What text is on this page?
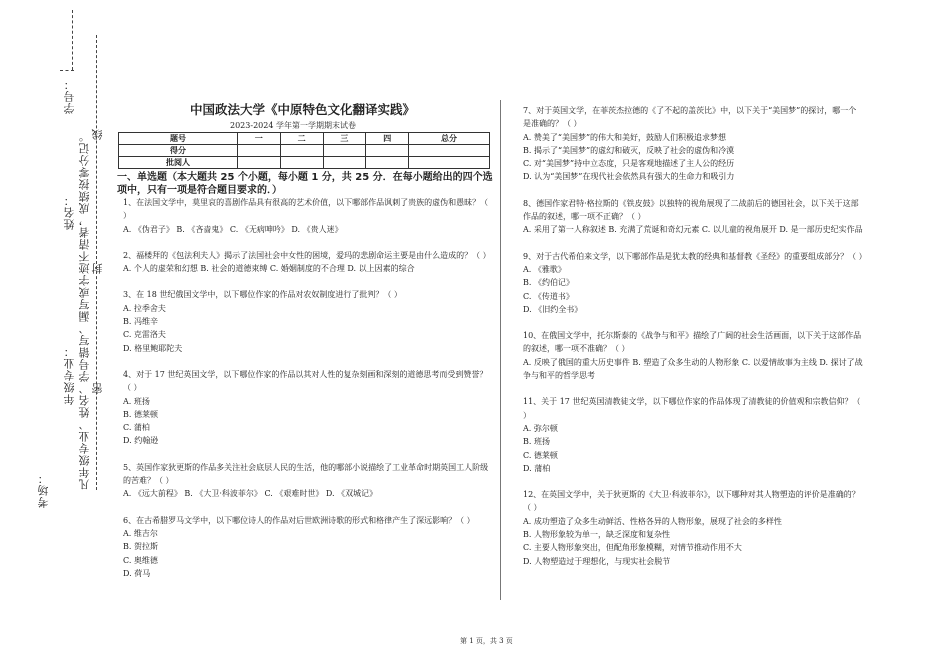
学号：
姓名：
年级专业：
考场：	凡年级专业、姓名、学号错写、漏写或字迹不清者，成绩按零分记。 密
封
线
中国政法大学《中原特色文化翻译实践》
2023-2024 学年第一学期期末试卷
题号	一	二	三	四	总分
得分					
批阅人					
一、单选题（本大题共 25 个小题，每小题 1 分，共 25 分．在每小题给出的四个选项中，只有一项是符合题目要求的．）

1、在法国文学中，莫里哀的喜剧作品具有很高的艺术价值，以下哪部作品讽刺了贵族的虚伪和愚昧？（ ）

A. 《伪君子》 B. 《吝啬鬼》 C. 《无病呻吟》 D. 《贵人迷》

2、福楼拜的《包法利夫人》揭示了法国社会中女性的困境，爱玛的悲剧命运主要是由什么造成的？（ ）

A. 个人的虚荣和幻想 B. 社会的道德束缚 C. 婚姻制度的不合理 D. 以上因素的综合

3、在 18 世纪俄国文学中，以下哪位作家的作品对农奴制度进行了批判？（ ）

A. 拉季舍夫

B. 冯维辛

C. 克雷洛夫

D. 格里鲍耶陀夫

4、对于 17 世纪英国文学，以下哪位作家的作品以其对人性的复杂刻画和深刻的道德思考而受到赞誉？（ ）

A. 班扬

B. 德莱顿

C. 蒲柏

D. 约翰逊

5、英国作家狄更斯的作品多关注社会底层人民的生活，他的哪部小说描绘了工业革命时期英国工人阶级的苦难？（ ）

A. 《远大前程》 B. 《大卫·科波菲尔》 C. 《艰难时世》 D. 《双城记》

6、在古希腊罗马文学中，以下哪位诗人的作品对后世欧洲诗歌的形式和格律产生了深远影响？（ ）

A. 维吉尔

B. 贺拉斯

C. 奥维德

D. 荷马

7、对于英国文学，在菲茨杰拉德的《了不起的盖茨比》中，以下关于“美国梦”的探讨，哪一个是准确的？（ ）

A. 赞美了“美国梦”的伟大和美好，鼓励人们积极追求梦想

B. 揭示了“美国梦”的虚幻和破灭，反映了社会的虚伪和冷漠

C. 对“美国梦”持中立态度，只是客观地描述了主人公的经历

D. 认为“美国梦”在现代社会依然具有强大的生命力和吸引力

8、德国作家君特·格拉斯的《铁皮鼓》以独特的视角展现了二战前后的德国社会，以下关于这部作品的叙述，哪一项不正确？（ ）

A. 采用了第一人称叙述 B. 充满了荒诞和奇幻元素 C. 以儿童的视角展开 D. 是一部历史纪实作品

9、对于古代希伯来文学，以下哪部作品是犹太教的经典和基督教《圣经》的重要组成部分？（ ）

A. 《雅歌》

B. 《约伯记》

C. 《传道书》

D. 《旧约全书》

10、在俄国文学中，托尔斯泰的《战争与和平》描绘了广阔的社会生活画面，以下关于这部作品的叙述，哪一项不准确？（ ）

A. 反映了俄国的重大历史事件 B. 塑造了众多生动的人物形象 C. 以爱情故事为主线 D. 探讨了战争与和平的哲学思考

11、关于 17 世纪英国清教徒文学，以下哪位作家的作品体现了清教徒的价值观和宗教信仰？（ ）

A. 弥尔顿

B. 班扬

C. 德莱顿

D. 蒲柏

12、在英国文学中，关于狄更斯的《大卫·科波菲尔》，以下哪种对其人物塑造的评价是准确的？（ ）

A. 成功塑造了众多生动鲜活、性格各异的人物形象，展现了社会的多样性

B. 人物形象较为单一，缺乏深度和复杂性

C. 主要人物形象突出，但配角形象模糊，对情节推动作用不大

D. 人物塑造过于理想化，与现实社会脱节

第 1 页，共 3 页
